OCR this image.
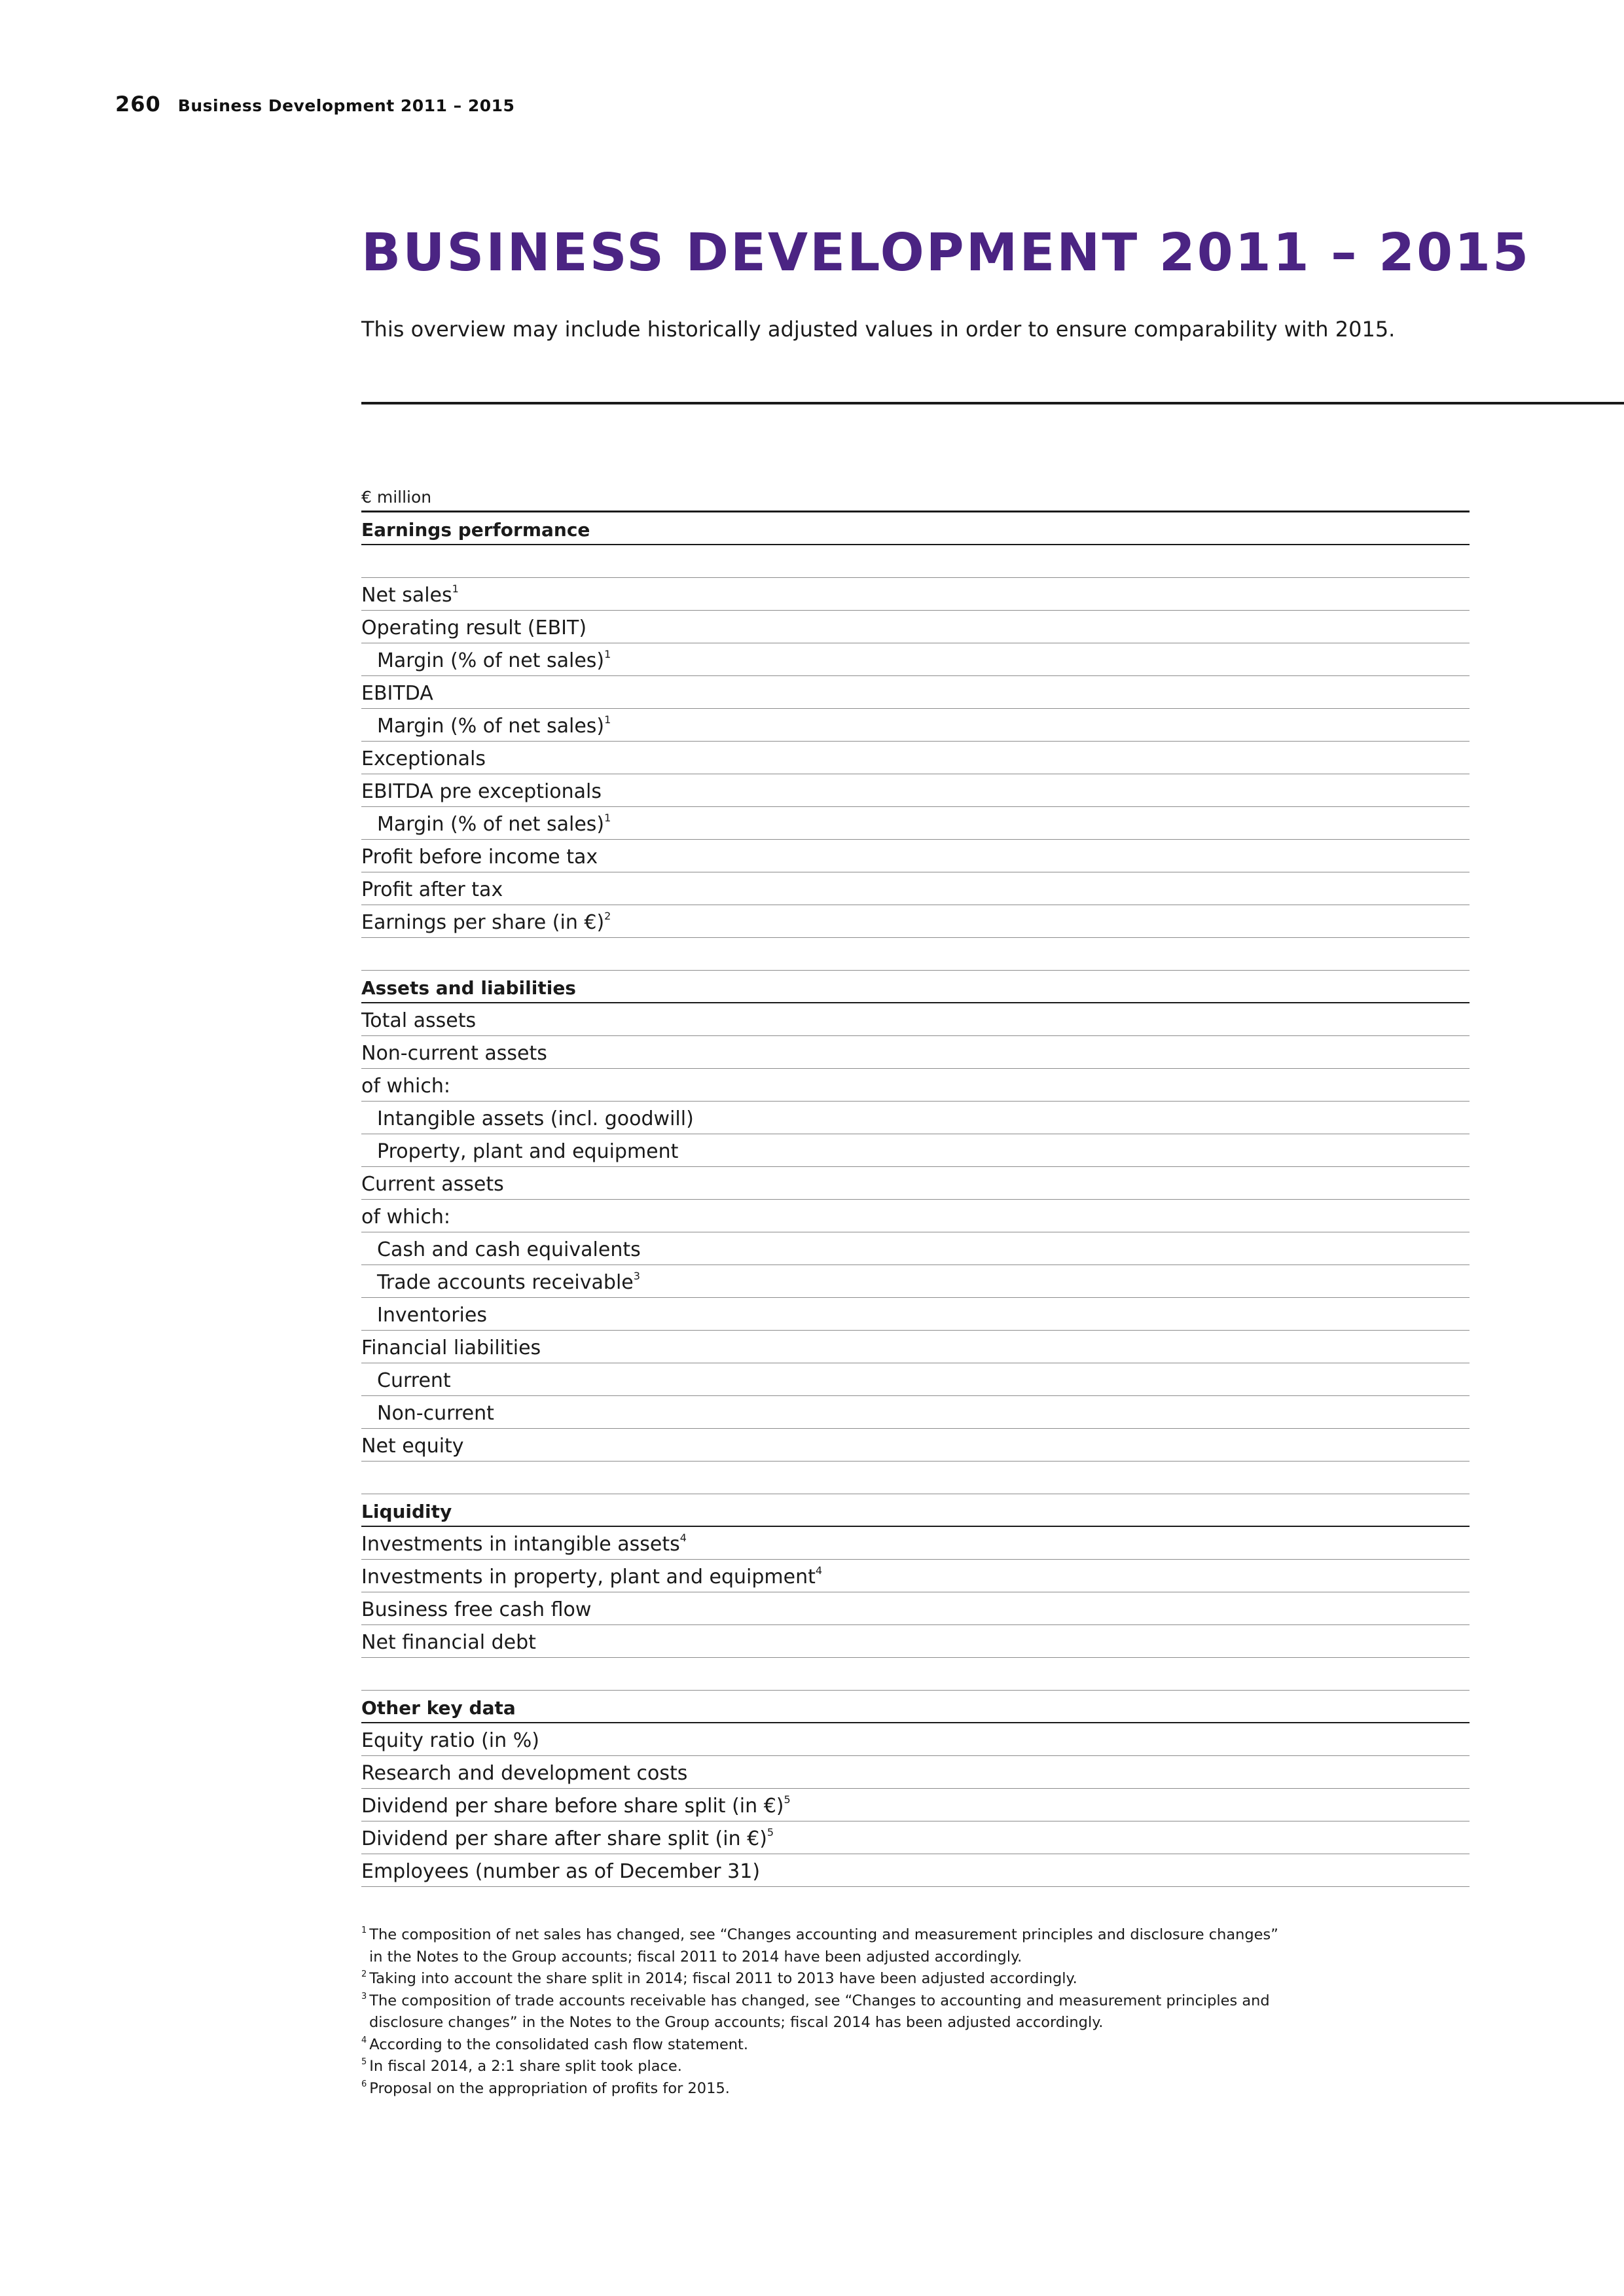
260 Business Development 2011 – 2015
BUSINESS DEVELOPMENT 2011 – 2015

This overview may include historically adjusted values in order to ensure comparability with 2015.

€ million
Earnings performance
Net sales$^1$
Operating result (EBIT)
Margin (% of net sales)$^1$
EBITDA
Margin (% of net sales)$^1$
Exceptionals
EBITDA pre exceptionals
Margin (% of net sales)$^1$
Profit before income tax
Profit after tax
Earnings per share (in €)$^2$
Assets and liabilities
Total assets
Non-current assets
of which:
Intangible assets (incl. goodwill)
Property, plant and equipment
Current assets
of which:
Cash and cash equivalents
Trade accounts receivable$^3$
Inventories
Financial liabilities
Current
Non-current
Net equity
Liquidity
Investments in intangible assets$^4$
Investments in property, plant and equipment$^4$
Business free cash flow
Net financial debt
Other key data
Equity ratio (in %)
Research and development costs
Dividend per share before share split (in €)$^5$
Dividend per share after share split (in €)$^5$
Employees (number as of December 31)
$^1$ The composition of net sales has changed, see “Changes accounting and measurement principles and disclosure changes”
in the Notes to the Group accounts; fiscal 2011 to 2014 have been adjusted accordingly.
$^2$ Taking into account the share split in 2014; fiscal 2011 to 2013 have been adjusted accordingly.
$^3$ The composition of trade accounts receivable has changed, see “Changes to accounting and measurement principles and
disclosure changes” in the Notes to the Group accounts; fiscal 2014 has been adjusted accordingly.
$^4$ According to the consolidated cash flow statement.
$^5$ In fiscal 2014, a 2:1 share split took place.
$^6$ Proposal on the appropriation of profits for 2015.
